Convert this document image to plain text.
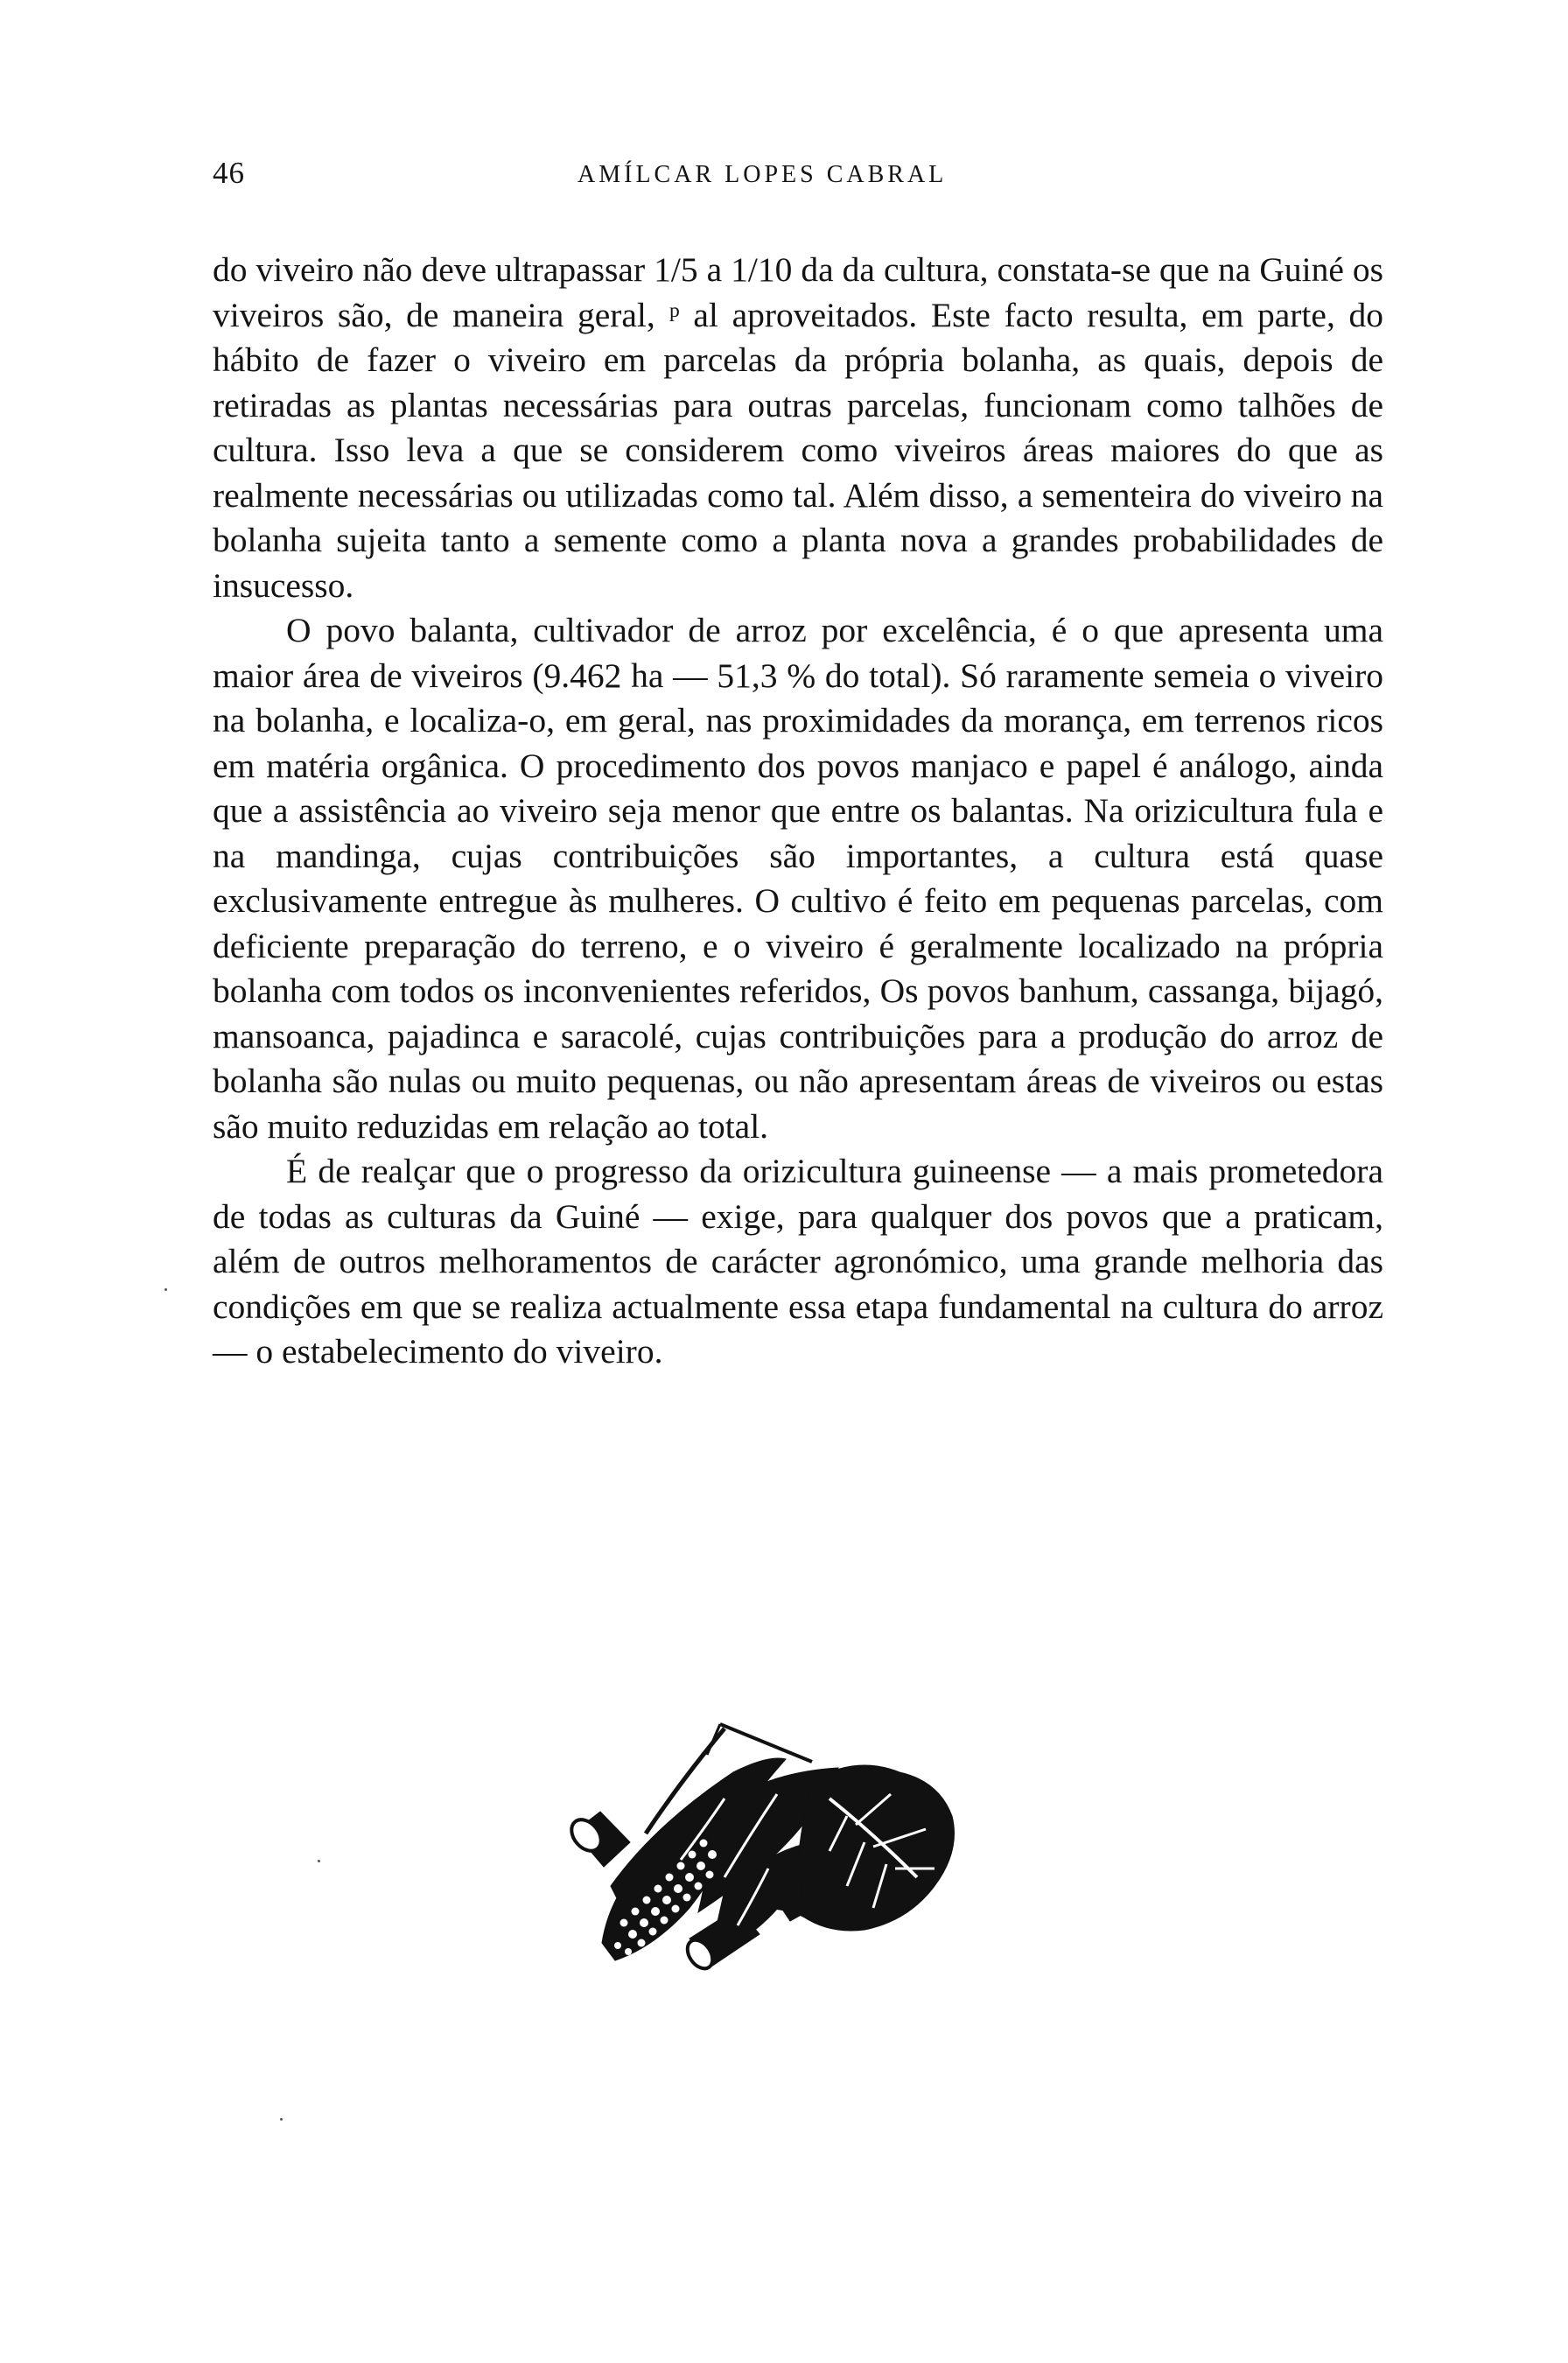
46	AMÍLCAR LOPES CABRAL

do viveiro não deve ultrapassar 1/5 a 1/10 da da cultura, constata-se que na Guiné os viveiros são, de maneira geral, ᵖ al aproveitados. Este facto resulta, em parte, do hábito de fazer o viveiro em parcelas da própria bolanha, as quais, depois de retiradas as plantas necessárias para outras parcelas, funcionam como talhões de cultura. Isso leva a que se considerem como viveiros áreas maiores do que as realmente necessárias ou utilizadas como tal. Além disso, a sementeira do viveiro na bolanha sujeita tanto a semente como a planta nova a grandes probabilidades de insucesso.

O povo balanta, cultivador de arroz por excelência, é o que apresenta uma maior área de viveiros (9.462 ha — 51,3 % do total). Só raramente semeia o viveiro na bolanha, e localiza-o, em geral, nas proximidades da morança, em terrenos ricos em matéria orgânica. O procedimento dos povos manjaco e papel é análogo, ainda que a assistência ao viveiro seja menor que entre os balantas. Na orizicultura fula e na mandinga, cujas contribuições são importantes, a cultura está quase exclusivamente entregue às mulheres. O cultivo é feito em pequenas parcelas, com deficiente preparação do terreno, e o viveiro é geralmente localizado na própria bolanha com todos os inconvenientes referidos, Os povos banhum, cassanga, bijagó, mansoanca, pajadinca e saracolé, cujas contribuições para a produção do arroz de bolanha são nulas ou muito pequenas, ou não apresentam áreas de viveiros ou estas são muito reduzidas em relação ao total.

É de realçar que o progresso da orizicultura guineense — a mais prometedora de todas as culturas da Guiné — exige, para qualquer dos povos que a praticam, além de outros melhoramentos de carácter agronómico, uma grande melhoria das condições em que se realiza actualmente essa etapa fundamental na cultura do arroz — o estabelecimento do viveiro.
